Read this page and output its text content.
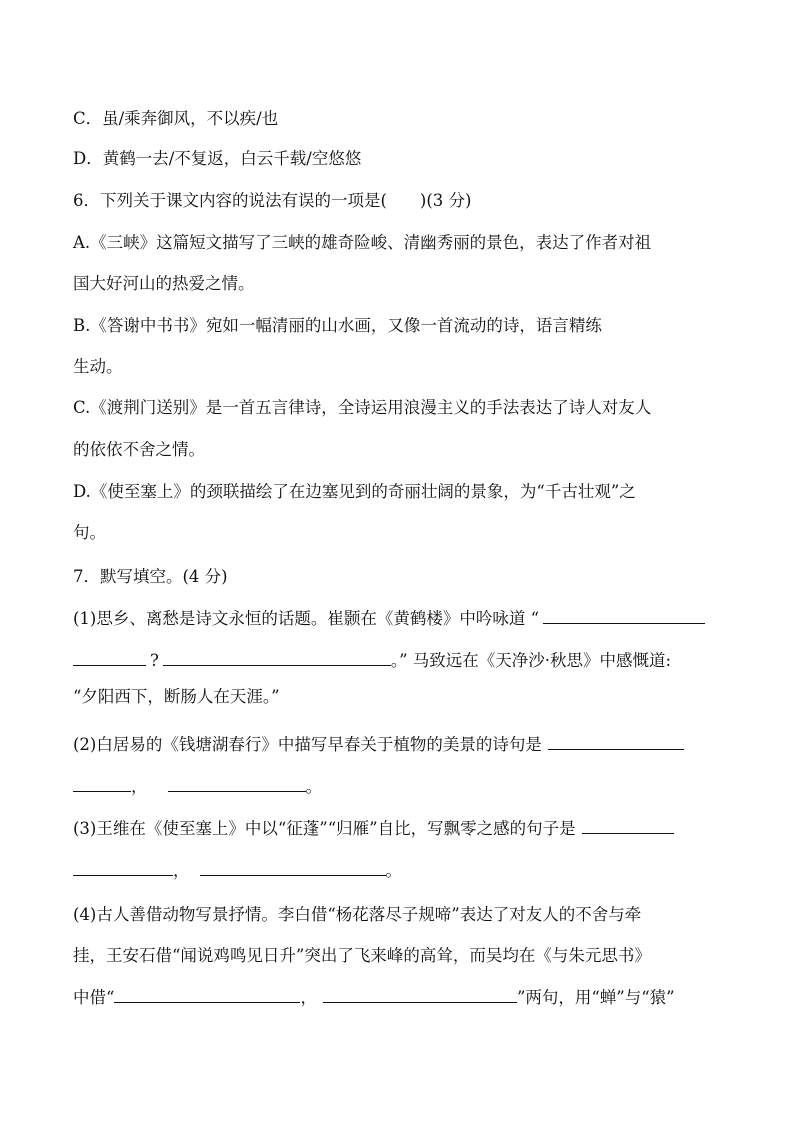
C．虽/乘奔御风，不以疾/也
D．黄鹤一去/不复返，白云千载/空悠悠
6．下列关于课文内容的说法有误的一项是(　　)(3 分)
A.《三峡》这篇短文描写了三峡的雄奇险峻、清幽秀丽的景色，表达了作者对祖
国大好河山的热爱之情。
B.《答谢中书书》宛如一幅清丽的山水画，又像一首流动的诗，语言精练
生动。
C.《渡荆门送别》是一首五言律诗，全诗运用浪漫主义的手法表达了诗人对友人
的依依不舍之情。
D.《使至塞上》的颈联描绘了在边塞见到的奇丽壮阔的景象，为“千古壮观”之
句。
7．默写填空。(4 分)
(1)思乡、离愁是诗文永恒的话题。崔颢在《黄鹤楼》中吟咏道 “
?	。” 马致远在《天净沙·秋思》中感慨道:
“夕阳西下，断肠人在天涯。”
(2)白居易的《钱塘湖春行》中描写早春关于植物的美景的诗句是
，	。
(3)王维在《使至塞上》中以“征蓬”“归雁”自比，写飘零之感的句子是
，	。
(4)古人善借动物写景抒情。李白借“杨花落尽子规啼”表达了对友人的不舍与牵
挂，王安石借“闻说鸡鸣见日升”突出了飞来峰的高耸，而吴均在《与朱元思书》
中借“	，	”两句，用“蝉”与“猿”
